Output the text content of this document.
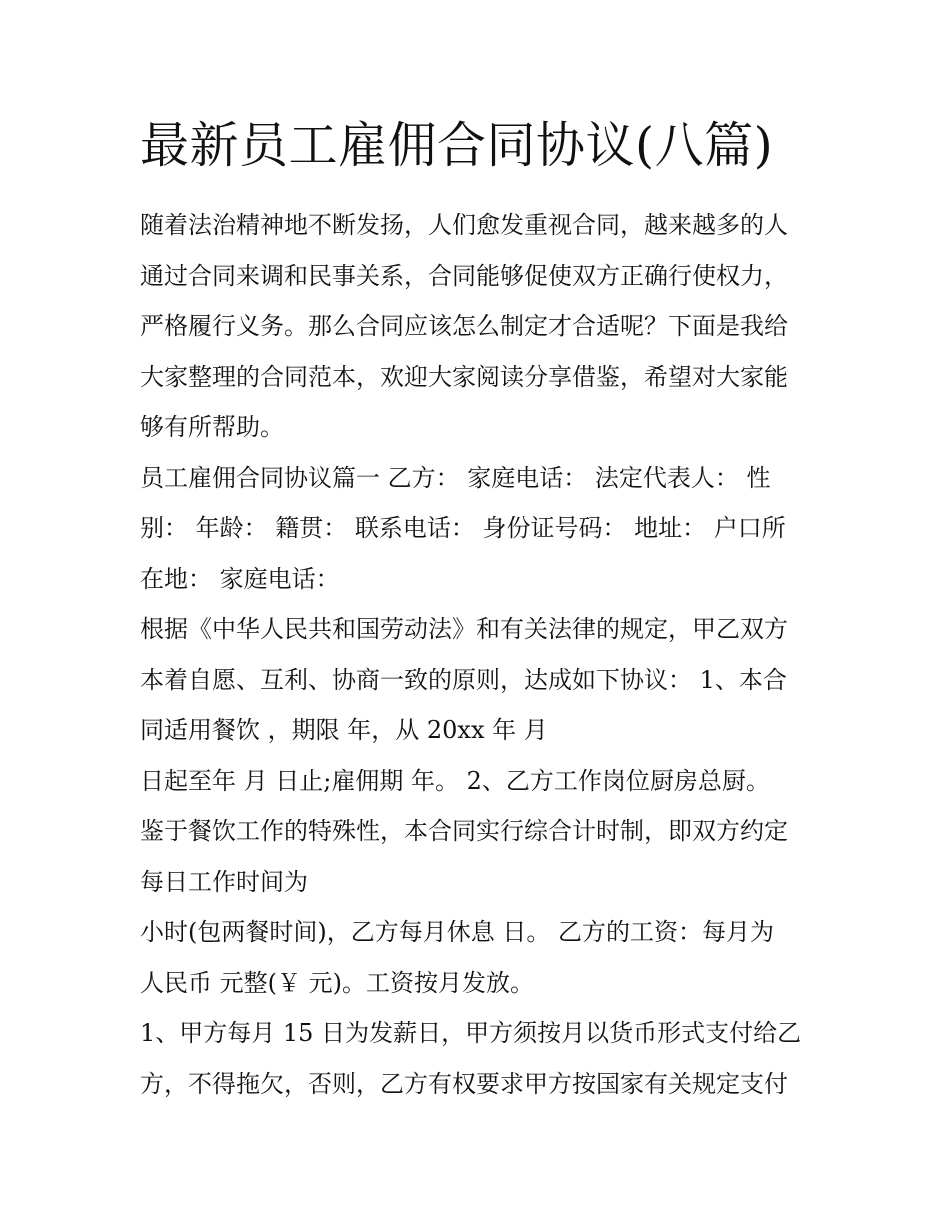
最新员工雇佣合同协议(八篇)
随着法治精神地不断发扬，人们愈发重视合同，越来越多的人
通过合同来调和民事关系，合同能够促使双方正确行使权力，
严格履行义务。那么合同应该怎么制定才合适呢？下面是我给
大家整理的合同范本，欢迎大家阅读分享借鉴，希望对大家能
够有所帮助。
员工雇佣合同协议篇一 乙方： 家庭电话： 法定代表人： 性
别： 年龄： 籍贯： 联系电话： 身份证号码： 地址： 户口所
在地： 家庭电话：
根据《中华人民共和国劳动法》和有关法律的规定，甲乙双方
本着自愿、互利、协商一致的原则，达成如下协议： 1、本合
同适用餐饮 ，期限 年，从 20xx 年 月
日起至年 月 日止;雇佣期 年。 2、乙方工作岗位厨房总厨。
鉴于餐饮工作的特殊性，本合同实行综合计时制，即双方约定
每日工作时间为
小时(包两餐时间)，乙方每月休息 日。 乙方的工资：每月为
人民币 元整(￥ 元)。工资按月发放。
1、甲方每月 15 日为发薪日，甲方须按月以货币形式支付给乙
方，不得拖欠，否则，乙方有权要求甲方按国家有关规定支付
